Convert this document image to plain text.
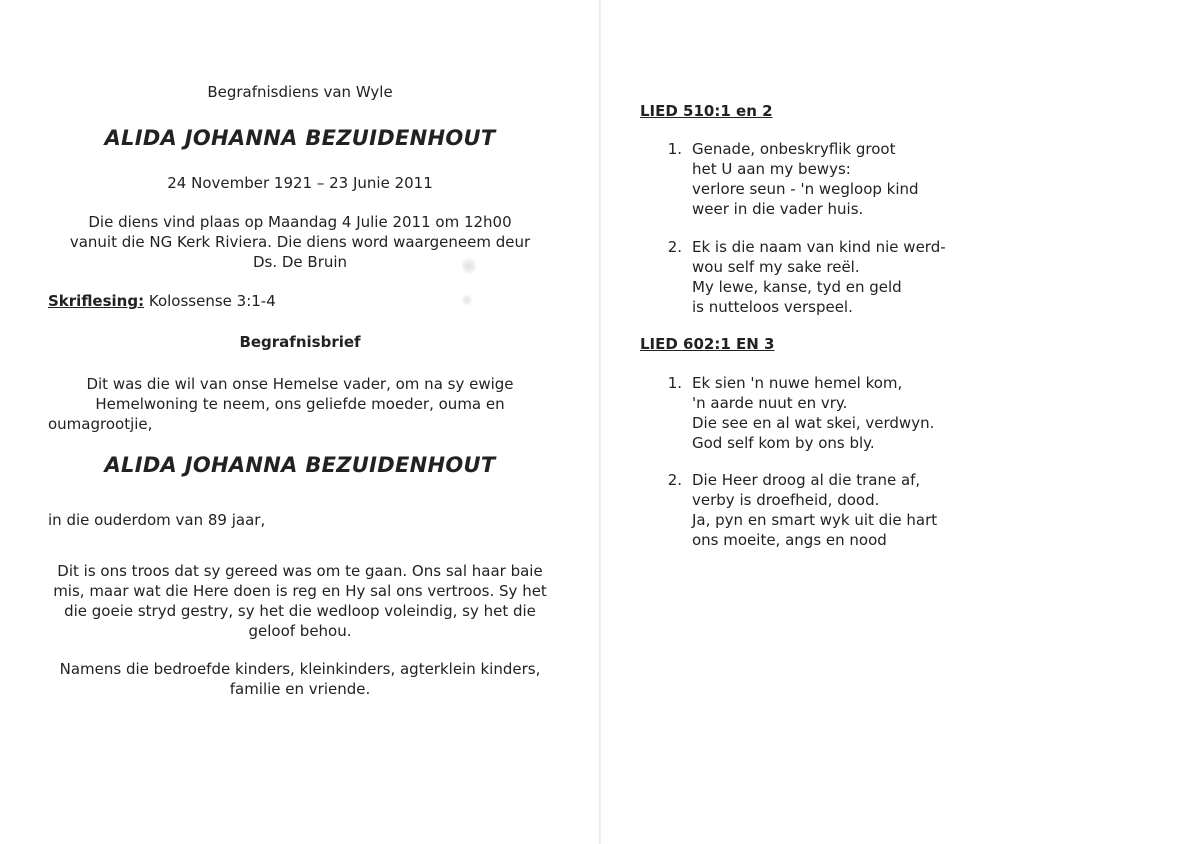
Begrafnisdiens van Wyle
ALIDA JOHANNA BEZUIDENHOUT
24 November 1921 – 23 Junie 2011
Die diens vind plaas op Maandag 4 Julie 2011 om 12h00
vanuit die NG Kerk Riviera. Die diens word waargeneem deur
Ds. De Bruin
Skriflesing: Kolossense 3:1-4
Begrafnisbrief
Dit was die wil van onse Hemelse vader, om na sy ewige
Hemelwoning te neem, ons geliefde moeder, ouma en
oumagrootjie,
ALIDA JOHANNA BEZUIDENHOUT
in die ouderdom van 89 jaar,
Dit is ons troos dat sy gereed was om te gaan. Ons sal haar baie
mis, maar wat die Here doen is reg en Hy sal ons vertroos. Sy het
die goeie stryd gestry, sy het die wedloop voleindig, sy het die
geloof behou.
Namens die bedroefde kinders, kleinkinders, agterklein kinders,
familie en vriende.
LIED 510:1 en 2
1. Genade, onbeskryflik groot
het U aan my bewys:
verlore seun - 'n wegloop kind
weer in die vader huis.
2. Ek is die naam van kind nie werd-
wou self my sake reël.
My lewe, kanse, tyd en geld
is nutteloos verspeel.
LIED 602:1 EN 3
1. Ek sien 'n nuwe hemel kom,
'n aarde nuut en vry.
Die see en al wat skei, verdwyn.
God self kom by ons bly.
2. Die Heer droog al die trane af,
verby is droefheid, dood.
Ja, pyn en smart wyk uit die hart
ons moeite, angs en nood
